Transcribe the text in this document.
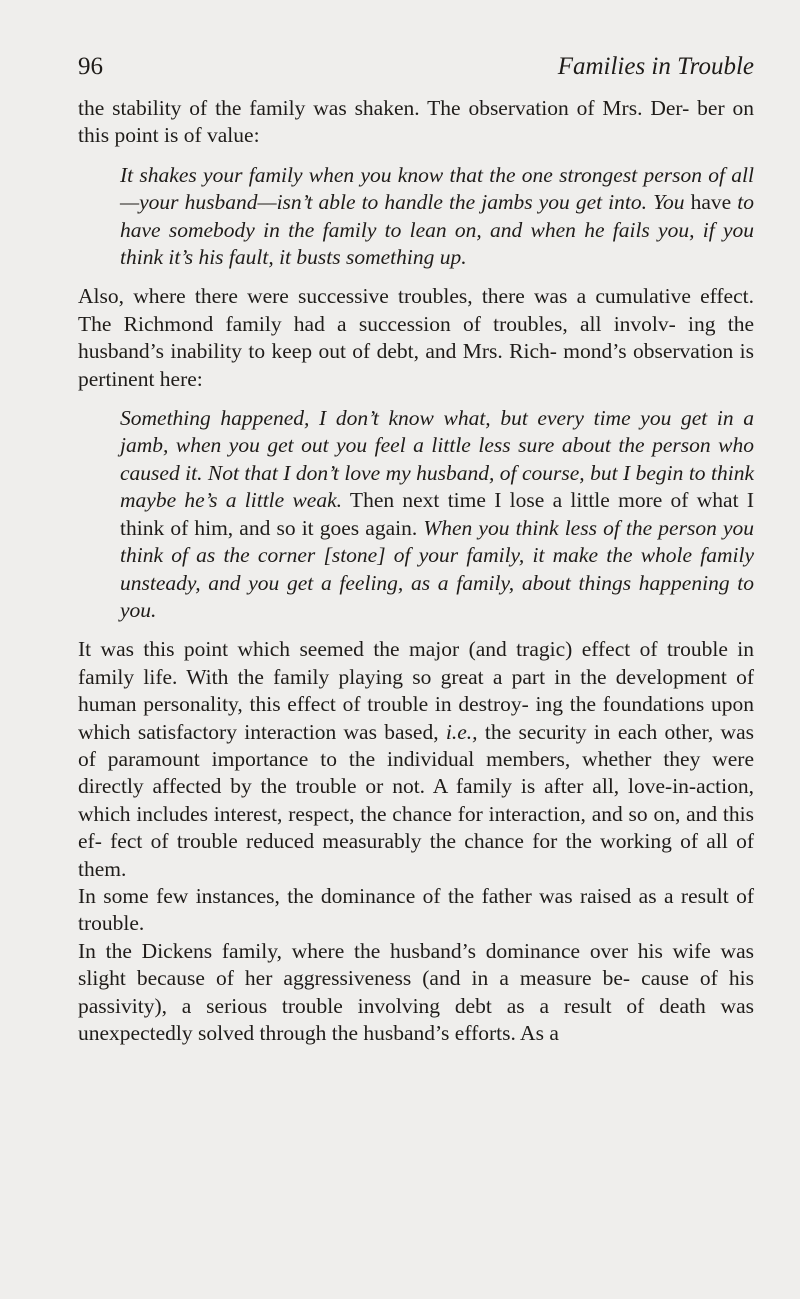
96	Families in Trouble

the stability of the family was shaken. The observation of Mrs. Der- ber on this point is of value:

It shakes your family when you know that the one strongest person of all—your husband—isn’t able to handle the jambs you get into. You have to have somebody in the family to lean on, and when he fails you, if you think it’s his fault, it busts something up.

Also, where there were successive troubles, there was a cumulative effect. The Richmond family had a succession of troubles, all involv- ing the husband’s inability to keep out of debt, and Mrs. Rich- mond’s observation is pertinent here:

Something happened, I don’t know what, but every time you get in a jamb, when you get out you feel a little less sure about the person who caused it. Not that I don’t love my husband, of course, but I begin to think maybe he’s a little weak. Then next time I lose a little more of what I think of him, and so it goes again. When you think less of the person you think of as the corner [stone] of your family, it make the whole family unsteady, and you get a feeling, as a family, about things happening to you.

It was this point which seemed the major (and tragic) effect of trouble in family life. With the family playing so great a part in the development of human personality, this effect of trouble in destroy- ing the foundations upon which satisfactory interaction was based, i.e., the security in each other, was of paramount importance to the individual members, whether they were directly affected by the trouble or not. A family is after all, love-in-action, which includes interest, respect, the chance for interaction, and so on, and this ef- fect of trouble reduced measurably the chance for the working of all of them.

In some few instances, the dominance of the father was raised as a result of trouble.

In the Dickens family, where the husband’s dominance over his wife was slight because of her aggressiveness (and in a measure be- cause of his passivity), a serious trouble involving debt as a result of death was unexpectedly solved through the husband’s efforts. As a
